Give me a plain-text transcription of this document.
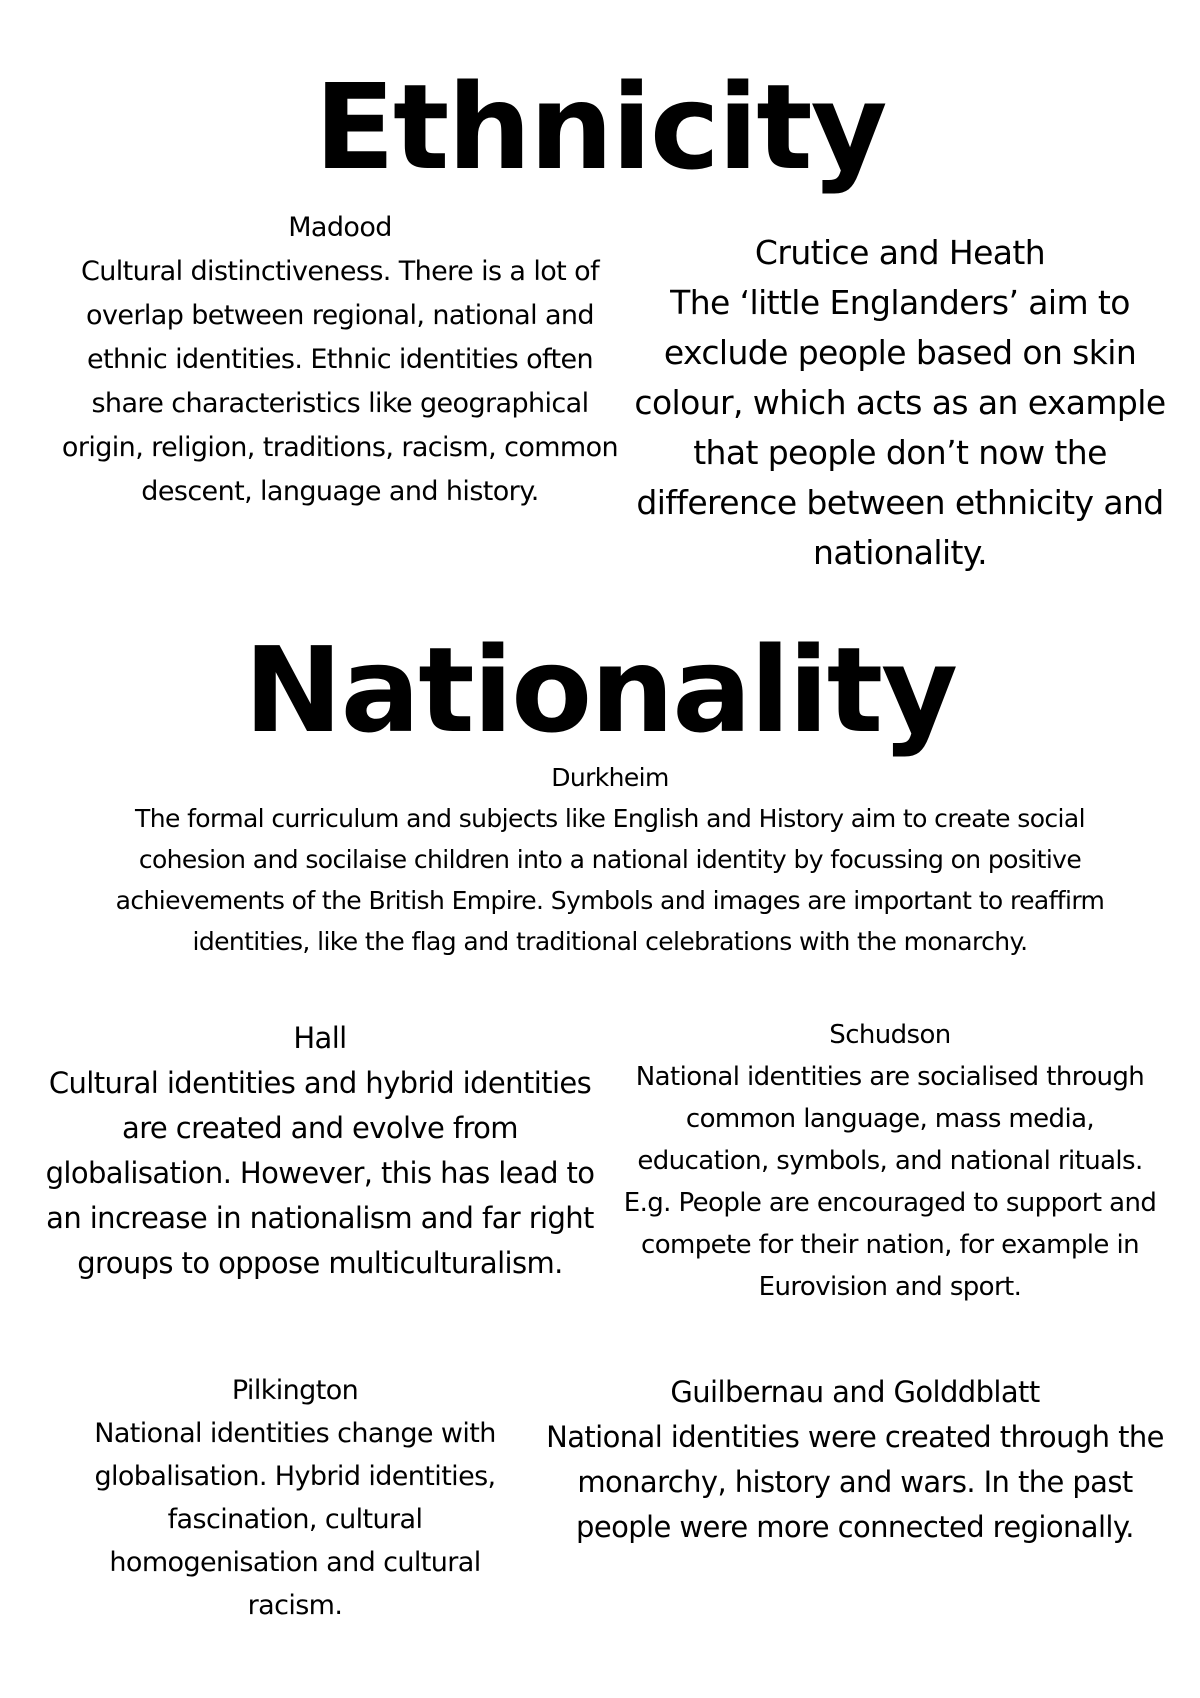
Ethnicity
Madood
Cultural distinctiveness. There is a lot of overlap between regional, national and ethnic identities. Ethnic identities often share characteristics like geographical origin, religion, traditions, racism, common descent, language and history.
Crutice and Heath
The ‘little Englanders’ aim to exclude people based on skin colour, which acts as an example that people don’t now the difference between ethnicity and nationality.
Nationality
Durkheim
The formal curriculum and subjects like English and History aim to create social cohesion and socilaise children into a national identity by focussing on positive achievements of the British Empire. Symbols and images are important to reaffirm identities, like the flag and traditional celebrations with the monarchy.
Hall
Cultural identities and hybrid identities are created and evolve from globalisation. However, this has lead to an increase in nationalism and far right groups to oppose multiculturalism.
Schudson
National identities are socialised through common language, mass media, education, symbols, and national rituals. E.g. People are encouraged to support and compete for their nation, for example in Eurovision and sport.
Pilkington
National identities change with globalisation. Hybrid identities, fascination, cultural homogenisation and cultural racism.
Guilbernau and Golddblatt
National identities were created through the monarchy, history and wars. In the past people were more connected regionally.
